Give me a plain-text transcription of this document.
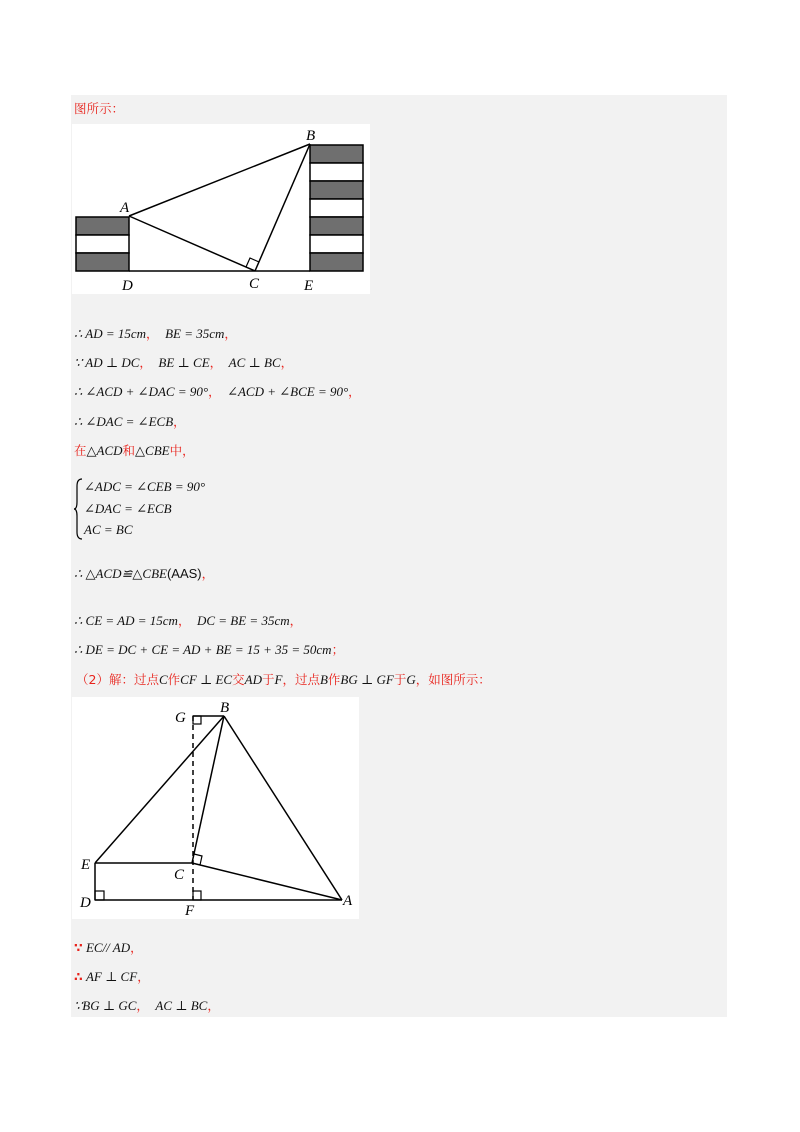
图所示：
A
B
C
D	E
∴ AD = 15cm， BE = 35cm，
∵ AD ⊥ DC， BE ⊥ CE， AC ⊥ BC，
∴ ∠ACD + ∠DAC = 90°， ∠ACD + ∠BCE = 90°，
∴ ∠DAC = ∠ECB，
在△ACD和△CBE中，
∠ADC = ∠CEB = 90°
∠DAC = ∠ECB
AC = BC
∴ △ACD≌△CBE(AAS)，
∴ CE = AD = 15cm， DC = BE = 35cm，
∴ DE = DC + CE = AD + BE = 15 + 35 = 50cm；
（2）解：过点C作CF ⊥ EC交AD于F，过点B作BG ⊥ GF于G，如图所示：
G
B
E
C
D	F
A
∵ EC// AD，
∴ AF ⊥ CF，
∵BG ⊥ GC， AC ⊥ BC，
